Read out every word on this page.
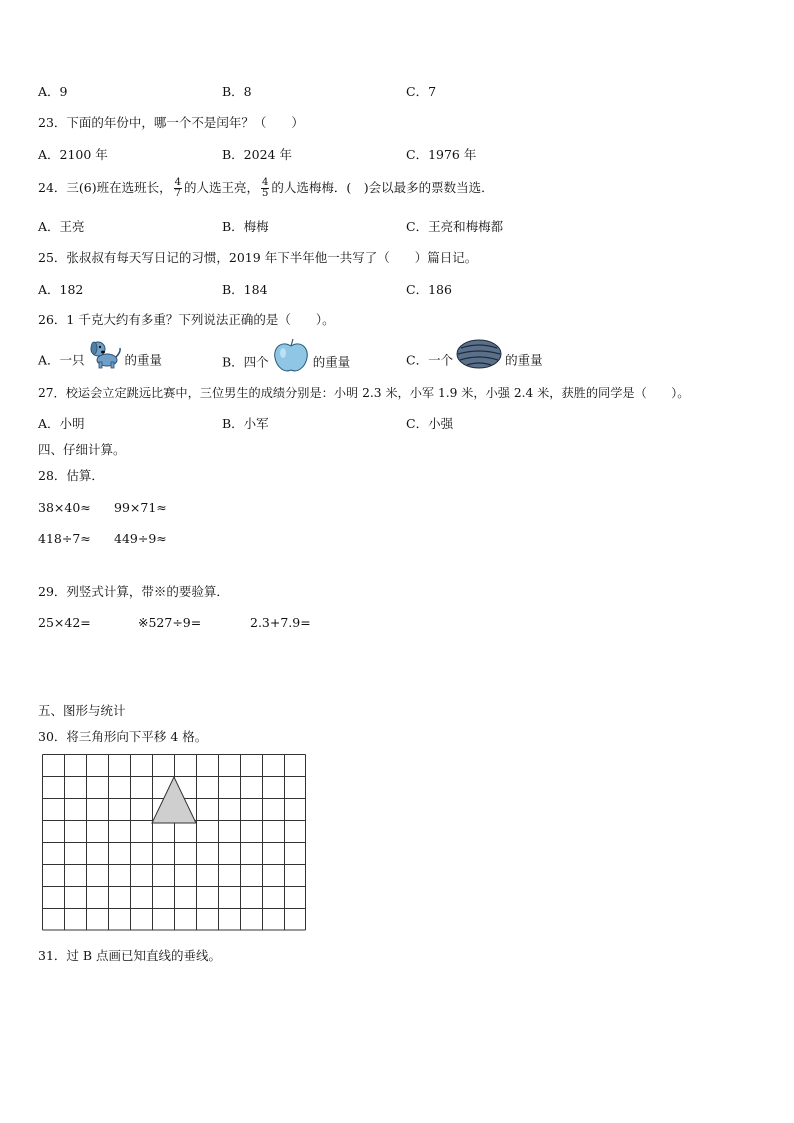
A．9	B．8	C．7
23．下面的年份中，哪一个不是闰年？（　　）
A．2100 年	B．2024 年	C．1976 年
24．三(6)班在选班长， $\frac{4}{7}$ 的人选王亮， $\frac{4}{5}$ 的人选梅梅．(　)会以最多的票数当选．
A．王亮	B．梅梅	C．王亮和梅梅都
25．张叔叔有每天写日记的习惯，2019 年下半年他一共写了（　　）篇日记。
A．182	B．184	C．186
26．1 千克大约有多重？下列说法正确的是（　　）。
A．一只	的重量	B．四个	的重量	C．一个	的重量
27．校运会立定跳远比赛中，三位男生的成绩分别是：小明 2.3 米，小军 1.9 米，小强 2.4 米，获胜的同学是（　　）。
A．小明	B．小军	C．小强
四、仔细计算。
28．估算．
38×40≈ 99×71≈
418÷7≈ 449÷9≈
29．列竖式计算，带※的要验算．
25×42=	※527÷9=	2.3+7.9=
五、图形与统计
30．将三角形向下平移 4 格。
31．过 B 点画已知直线的垂线。
